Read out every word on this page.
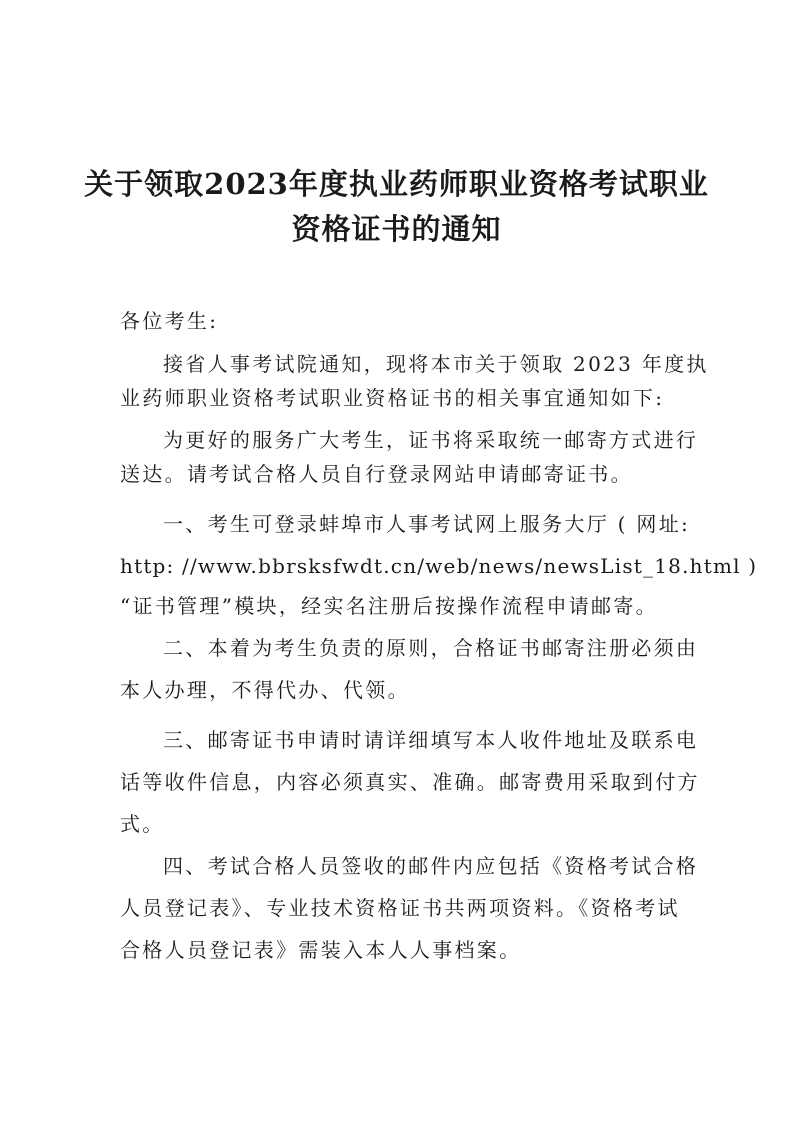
关于领取2023年度执业药师职业资格考试职业
资格证书的通知

各位考生:

接省人事考试院通知，现将本市关于领取 2023 年度执

业药师职业资格考试职业资格证书的相关事宜通知如下:

为更好的服务广大考生，证书将采取统一邮寄方式进行

送达。请考试合格人员自行登录网站申请邮寄证书。

一、考生可登录蚌埠市人事考试网上服务大厅 ( 网址:

http: //www.bbrsksfwdt.cn/web/news/newsList_18.html )

“证书管理”模块，经实名注册后按操作流程申请邮寄。

二、本着为考生负责的原则，合格证书邮寄注册必须由

本人办理，不得代办、代领。

三、邮寄证书申请时请详细填写本人收件地址及联系电

话等收件信息，内容必须真实、准确。邮寄费用采取到付方

式。

四、考试合格人员签收的邮件内应包括《资格考试合格

人员登记表》、专业技术资格证书共两项资料。《资格考试

合格人员登记表》需装入本人人事档案。
